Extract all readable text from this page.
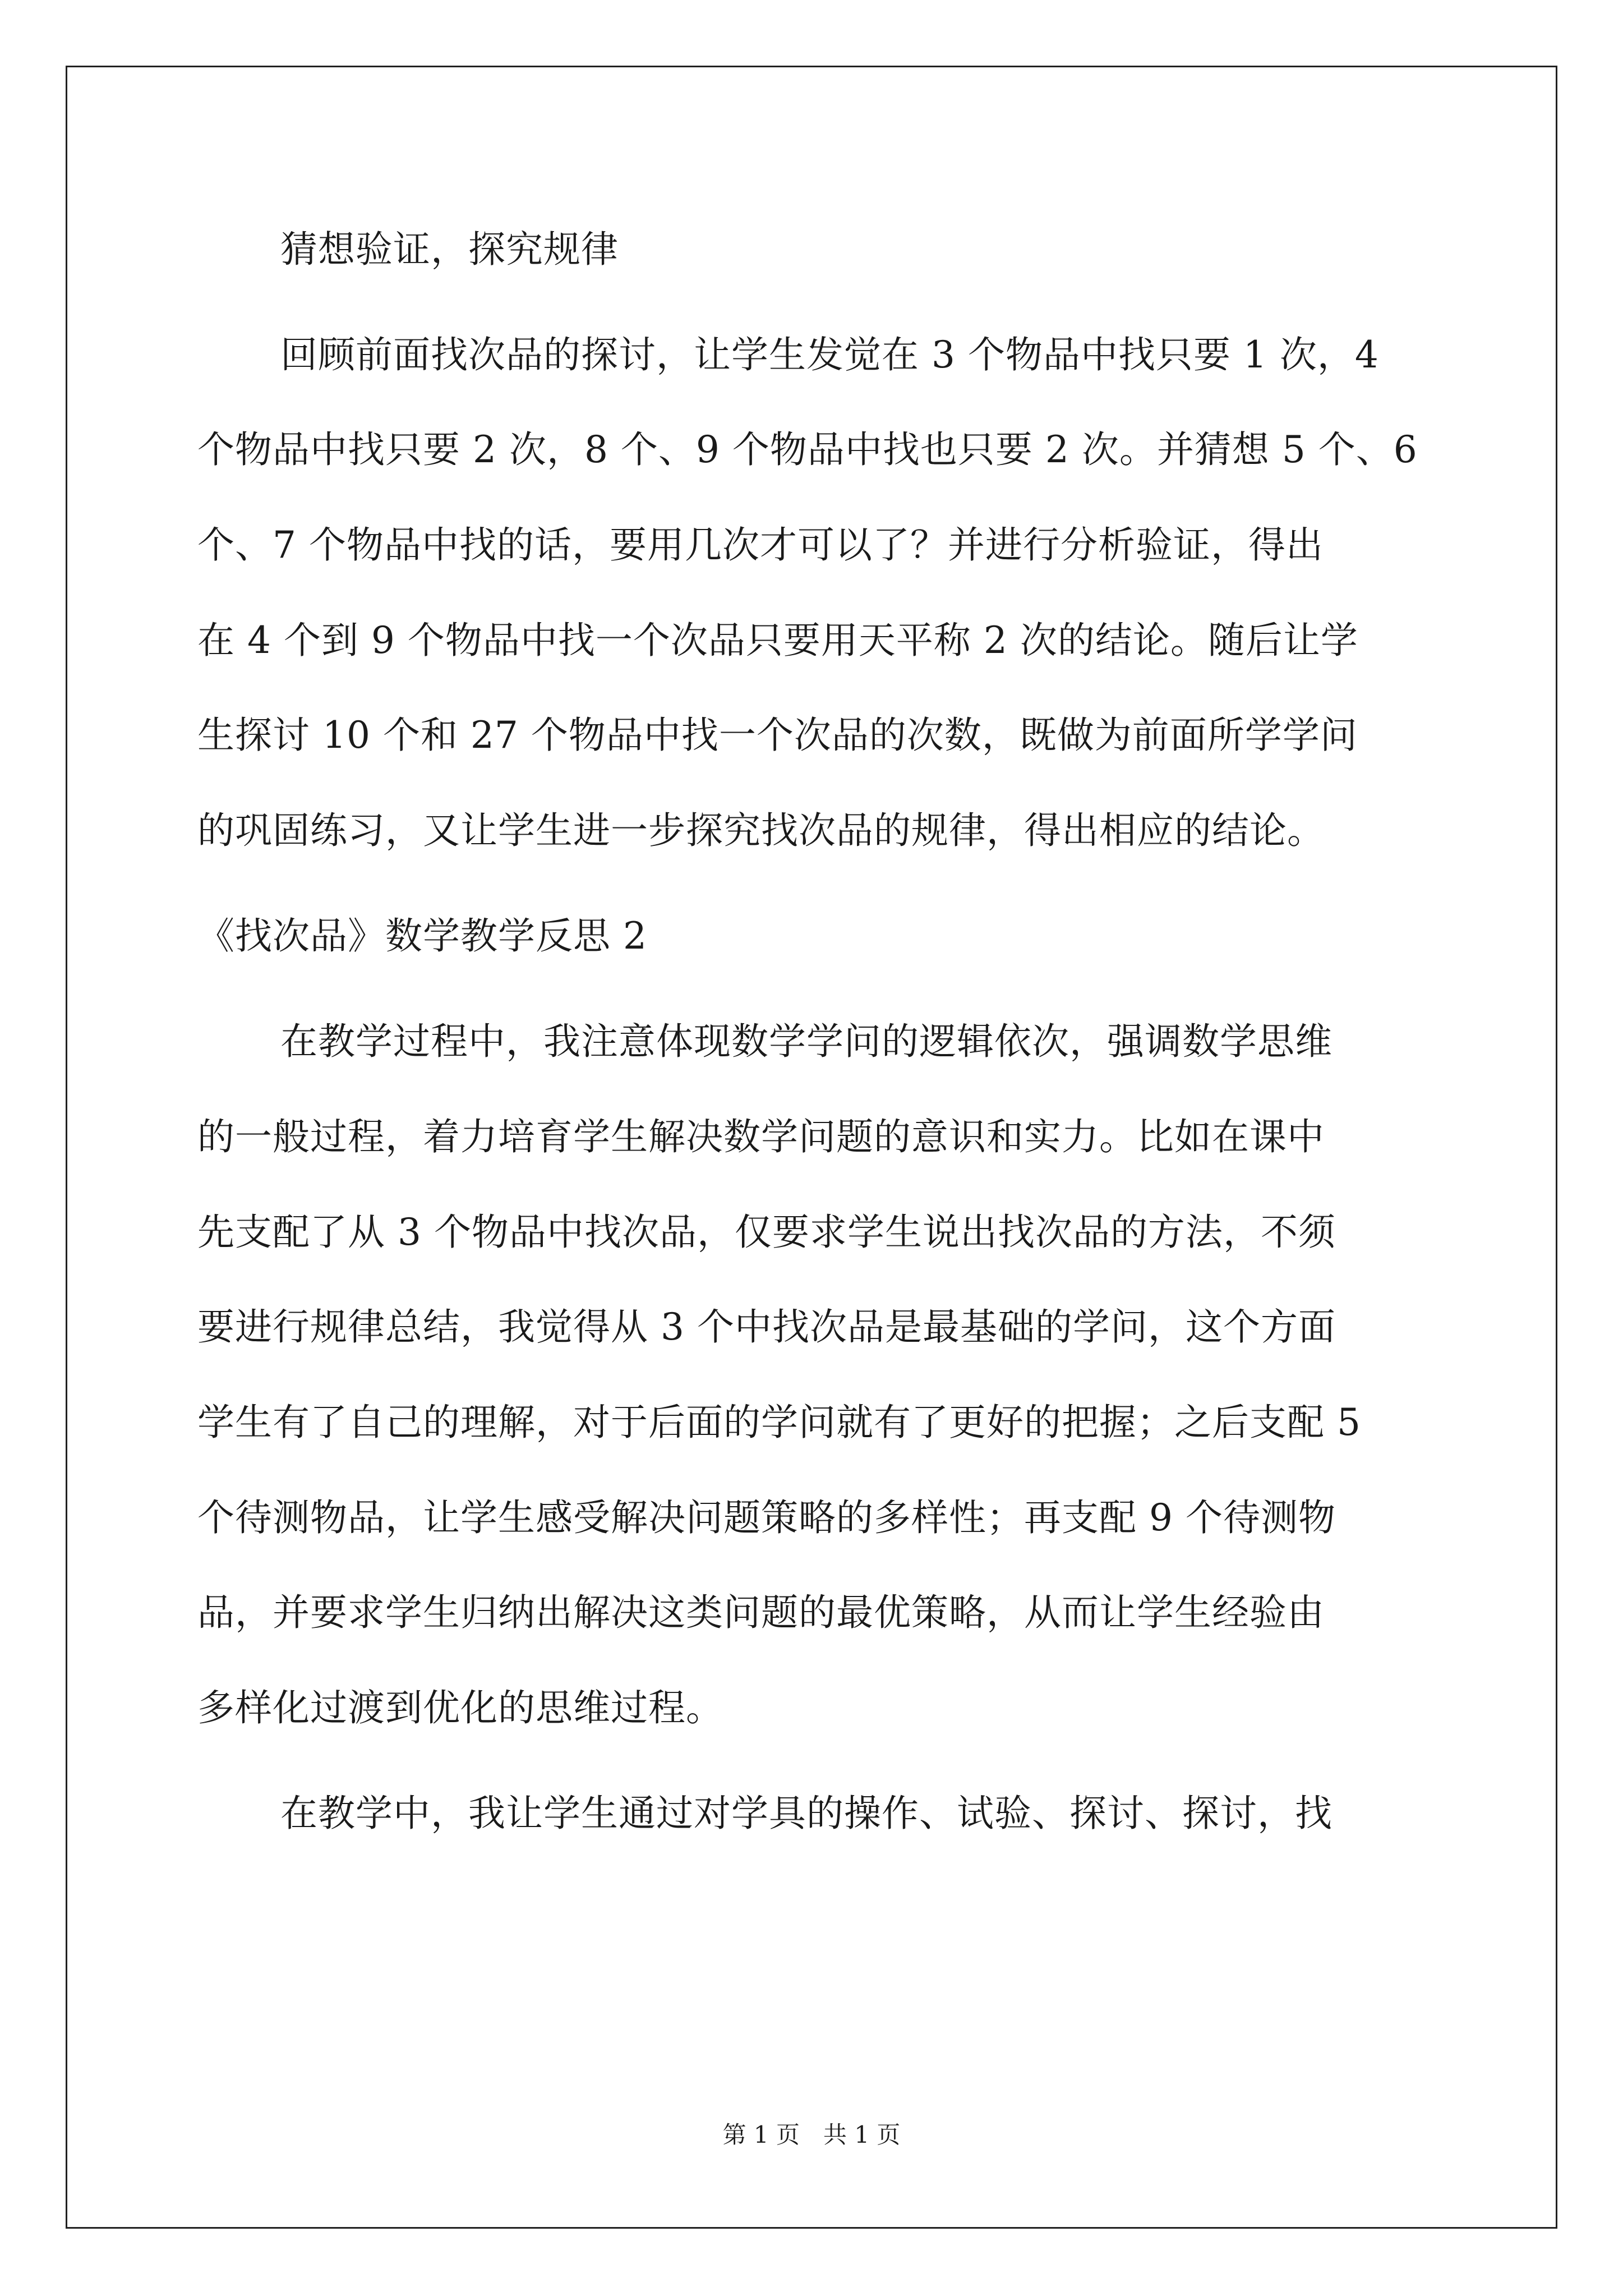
猜想验证，探究规律
回顾前面找次品的探讨，让学生发觉在 3 个物品中找只要 1 次，4
个物品中找只要 2 次，8 个、9 个物品中找也只要 2 次。并猜想 5 个、6
个、7 个物品中找的话，要用几次才可以了？并进行分析验证，得出
在 4 个到 9 个物品中找一个次品只要用天平称 2 次的结论。随后让学
生探讨 10 个和 27 个物品中找一个次品的次数，既做为前面所学学问
的巩固练习，又让学生进一步探究找次品的规律，得出相应的结论。
《找次品》数学教学反思 2
在教学过程中，我注意体现数学学问的逻辑依次，强调数学思维
的一般过程，着力培育学生解决数学问题的意识和实力。比如在课中
先支配了从 3 个物品中找次品，仅要求学生说出找次品的方法，不须
要进行规律总结，我觉得从 3 个中找次品是最基础的学问，这个方面
学生有了自己的理解，对于后面的学问就有了更好的把握；之后支配 5
个待测物品，让学生感受解决问题策略的多样性；再支配 9 个待测物
品，并要求学生归纳出解决这类问题的最优策略，从而让学生经验由
多样化过渡到优化的思维过程。
在教学中，我让学生通过对学具的操作、试验、探讨、探讨，找
第 1 页　共 1 页
